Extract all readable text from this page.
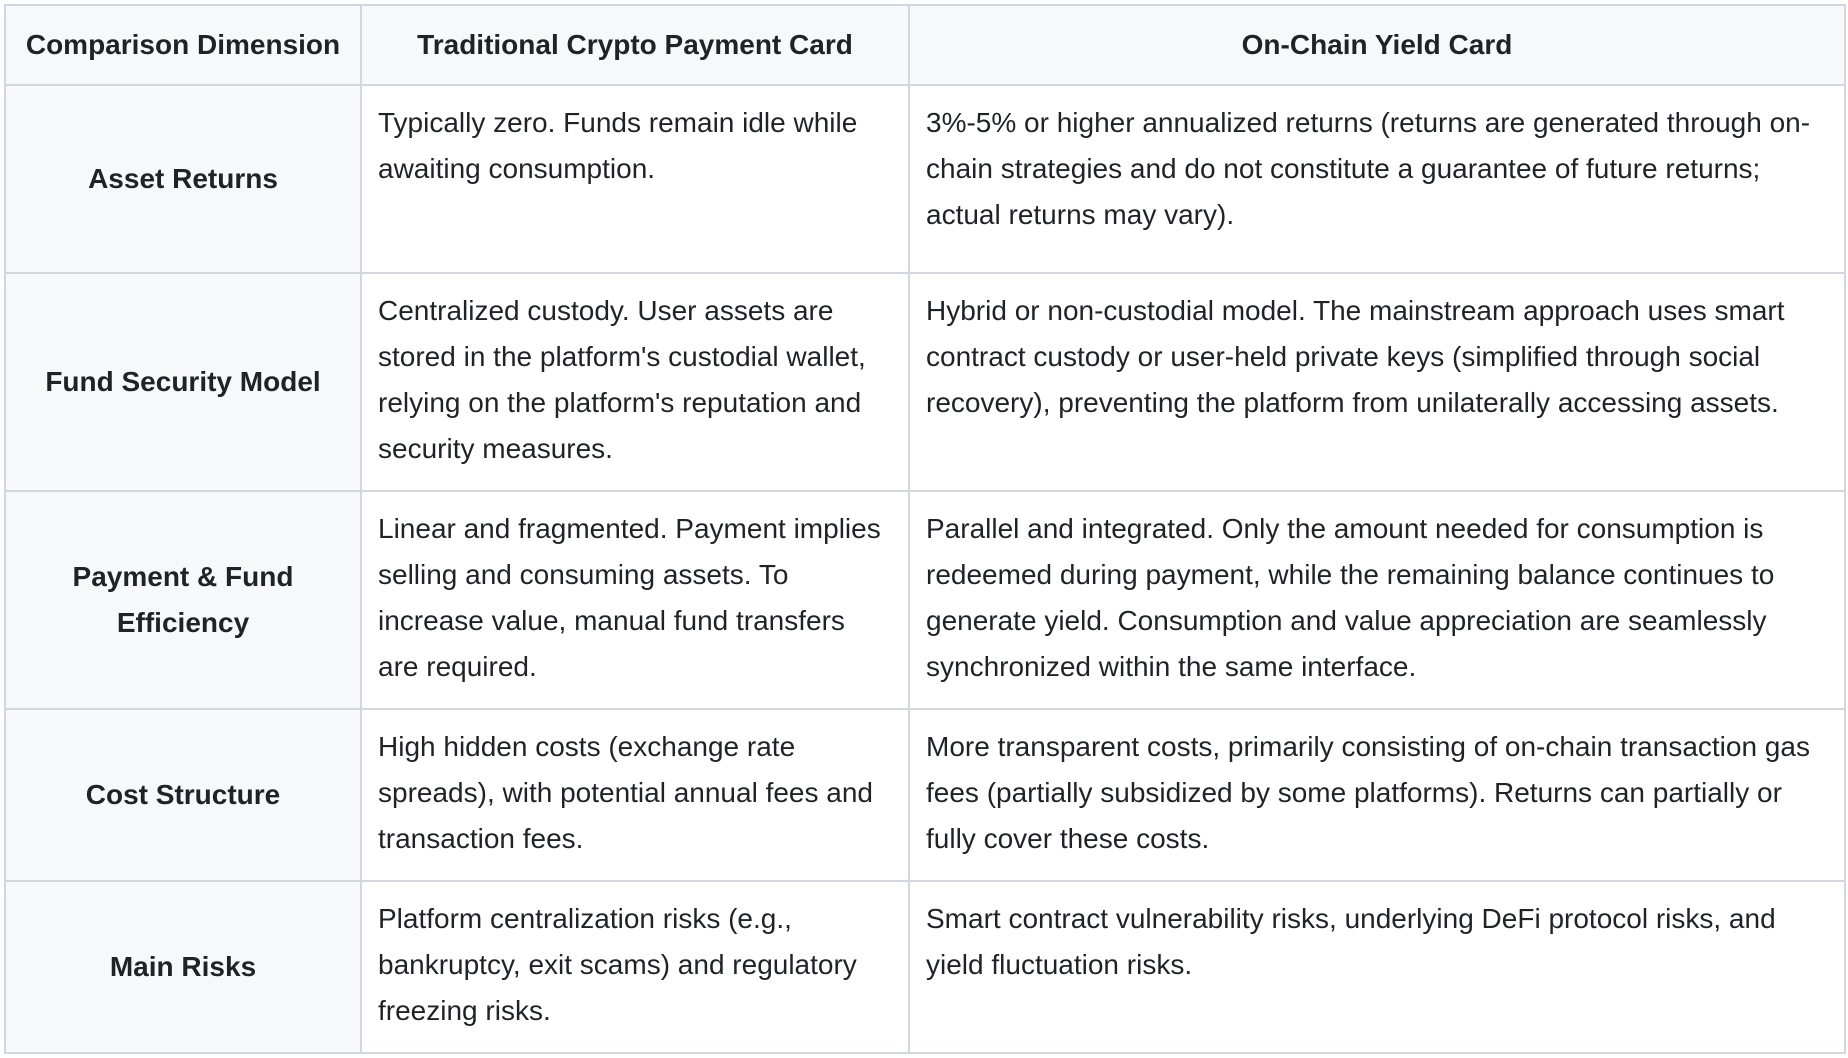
Comparison Dimension	Traditional Crypto Payment Card	On-Chain Yield Card
Asset Returns	Typically zero. Funds remain idle while awaiting consumption.	3%-5% or higher annualized returns (returns are generated through on-chain strategies and do not constitute a guarantee of future returns; actual returns may vary).
Fund Security Model	Centralized custody. User assets are stored in the platform's custodial wallet, relying on the platform's reputation and security measures.	Hybrid or non-custodial model. The mainstream approach uses smart contract custody or user-held private keys (simplified through social recovery), preventing the platform from unilaterally accessing assets.
Payment & Fund Efficiency	Linear and fragmented. Payment implies selling and consuming assets. To increase value, manual fund transfers are required.	Parallel and integrated. Only the amount needed for consumption is redeemed during payment, while the remaining balance continues to generate yield. Consumption and value appreciation are seamlessly synchronized within the same interface.
Cost Structure	High hidden costs (exchange rate spreads), with potential annual fees and transaction fees.	More transparent costs, primarily consisting of on-chain transaction gas fees (partially subsidized by some platforms). Returns can partially or fully cover these costs.
Main Risks	Platform centralization risks (e.g., bankruptcy, exit scams) and regulatory freezing risks.	Smart contract vulnerability risks, underlying DeFi protocol risks, and yield fluctuation risks.
